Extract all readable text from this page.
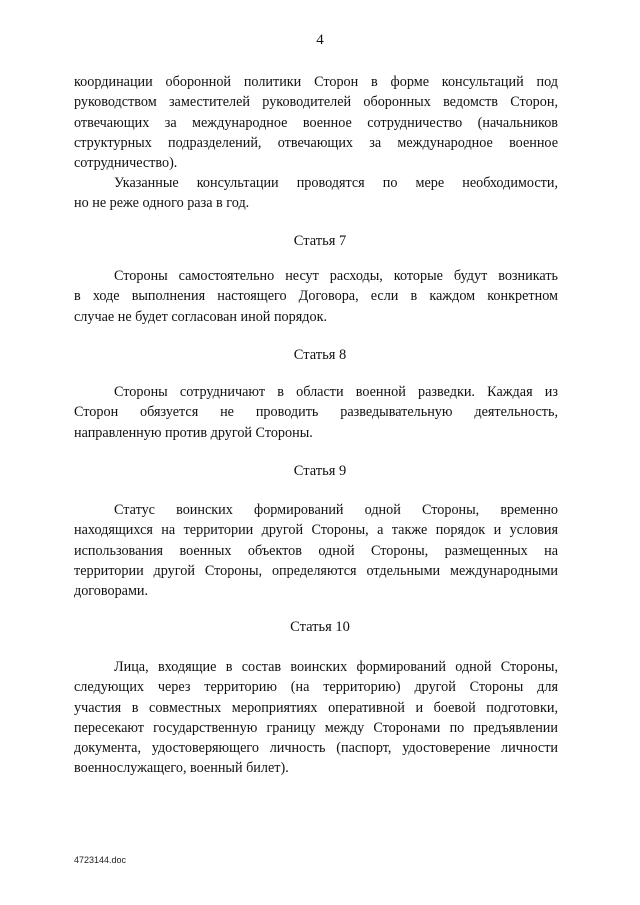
4

координации оборонной политики Сторон в форме консультаций под
руководством заместителей руководителей оборонных ведомств Сторон,
отвечающих за международное военное сотрудничество (начальников
структурных подразделений, отвечающих за международное военное
сотрудничество).

Указанные консультации проводятся по мере необходимости,
но не реже одного раза в год.

Статья 7

Стороны самостоятельно несут расходы, которые будут возникать
в ходе выполнения настоящего Договора, если в каждом конкретном
случае не будет согласован иной порядок.

Статья 8

Стороны сотрудничают в области военной разведки. Каждая из
Сторон обязуется не проводить разведывательную деятельность,
направленную против другой Стороны.

Статья 9

Статус воинских формирований одной Стороны, временно
находящихся на территории другой Стороны, а также порядок и условия
использования военных объектов одной Стороны, размещенных на
территории другой Стороны, определяются отдельными международными
договорами.

Статья 10

Лица, входящие в состав воинских формирований одной Стороны,
следующих через территорию (на территорию) другой Стороны для
участия в совместных мероприятиях оперативной и боевой подготовки,
пересекают государственную границу между Сторонами по предъявлении
документа, удостоверяющего личность (паспорт, удостоверение личности
военнослужащего, военный билет).

4723144.doc
